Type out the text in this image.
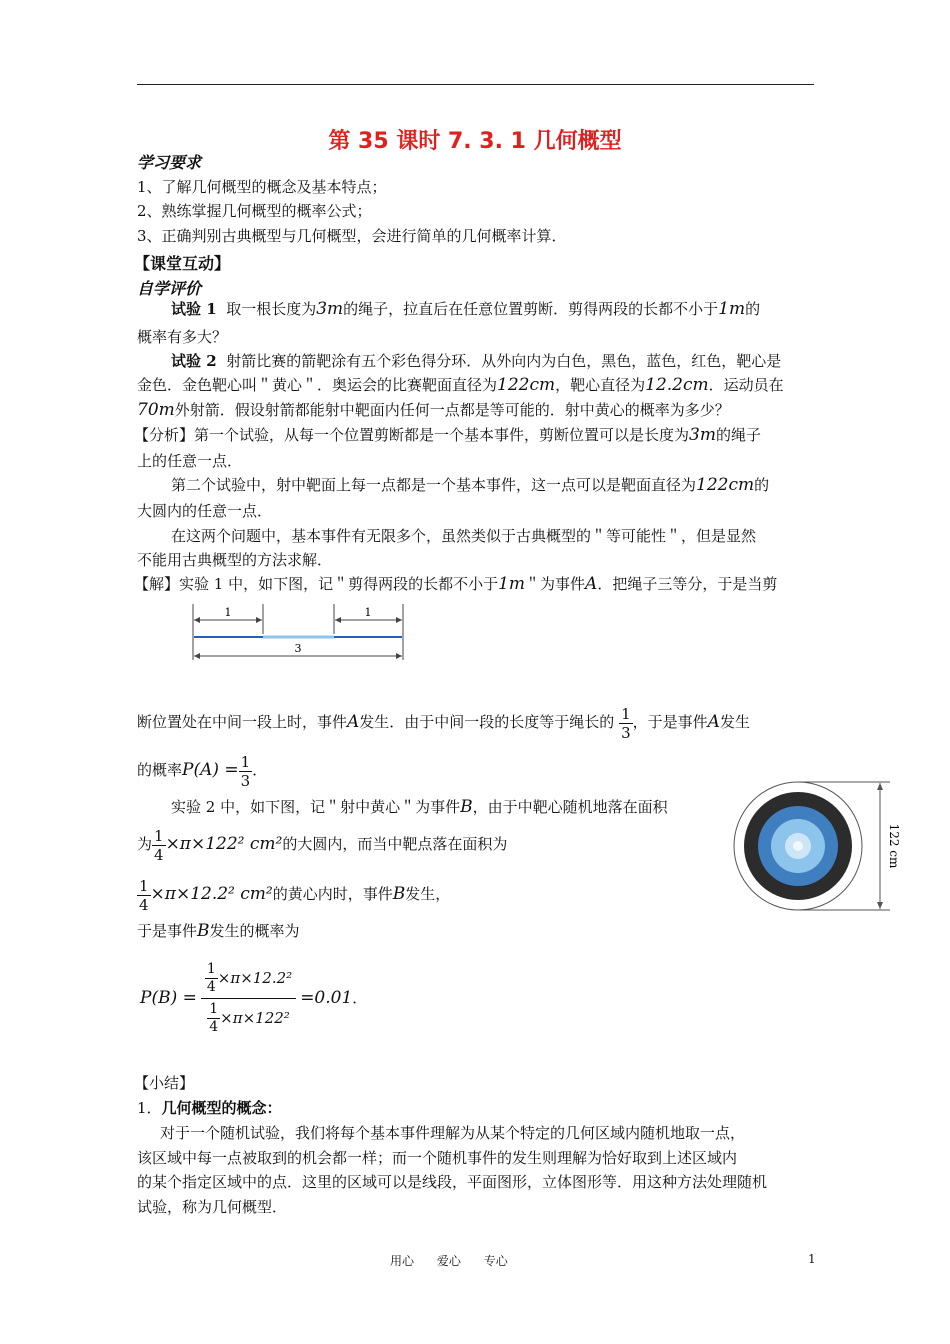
第 35 课时 7. 3. 1 几何概型
学习要求
1、了解几何概型的概念及基本特点；
2、熟练掌握几何概型的概率公式；
3、正确判别古典概型与几何概型，会进行简单的几何概率计算．
【课堂互动】
自学评价
试验 1 取一根长度为3m的绳子，拉直后在任意位置剪断．剪得两段的长都不小于1m的
概率有多大？
试验 2 射箭比赛的箭靶涂有五个彩色得分环．从外向内为白色，黑色，蓝色，红色，靶心是
金色．金色靶心叫＂黄心＂．奥运会的比赛靶面直径为122cm，靶心直径为12.2cm．运动员在
70m外射箭．假设射箭都能射中靶面内任何一点都是等可能的．射中黄心的概率为多少？
【分析】第一个试验，从每一个位置剪断都是一个基本事件，剪断位置可以是长度为3m的绳子
上的任意一点．
第二个试验中，射中靶面上每一点都是一个基本事件，这一点可以是靶面直径为122cm的
大圆内的任意一点．
在这两个问题中，基本事件有无限多个，虽然类似于古典概型的＂等可能性＂，但是显然
不能用古典概型的方法求解．
【解】实验 1 中，如下图，记＂剪得两段的长都不小于1m＂为事件A．把绳子三等分，于是当剪
1	1
3
断位置处在中间一段上时，事件A发生．由于中间一段的长度等于绳长的 $\frac{1}{3}$ ，于是事件A发生
的概率$P(A) = \frac{1}{3}$ ．
实验 2 中，如下图，记＂射中黄心＂为事件B，由于中靶心随机地落在面积
为 $\frac{1}{4} \times\pi\times 122^2$ cm²的大圆内，而当中靶点落在面积为
$\frac{1}{4} \times\pi\times 12.2^2$ cm²的黄心内时，事件B发生，
于是事件B发生的概率为
$P(B) = \frac{\frac{1}{4} \times\pi\times 12.2^2}{\frac{1}{4} \times\pi\times 122^2} =0.01$ ．
122 cm
【小结】
1．几何概型的概念：
对于一个随机试验，我们将每个基本事件理解为从某个特定的几何区域内随机地取一点，
该区域中每一点被取到的机会都一样；而一个随机事件的发生则理解为恰好取到上述区域内
的某个指定区域中的点．这里的区域可以是线段，平面图形，立体图形等．用这种方法处理随机
试验，称为几何概型．
用心      爱心      专心	1
